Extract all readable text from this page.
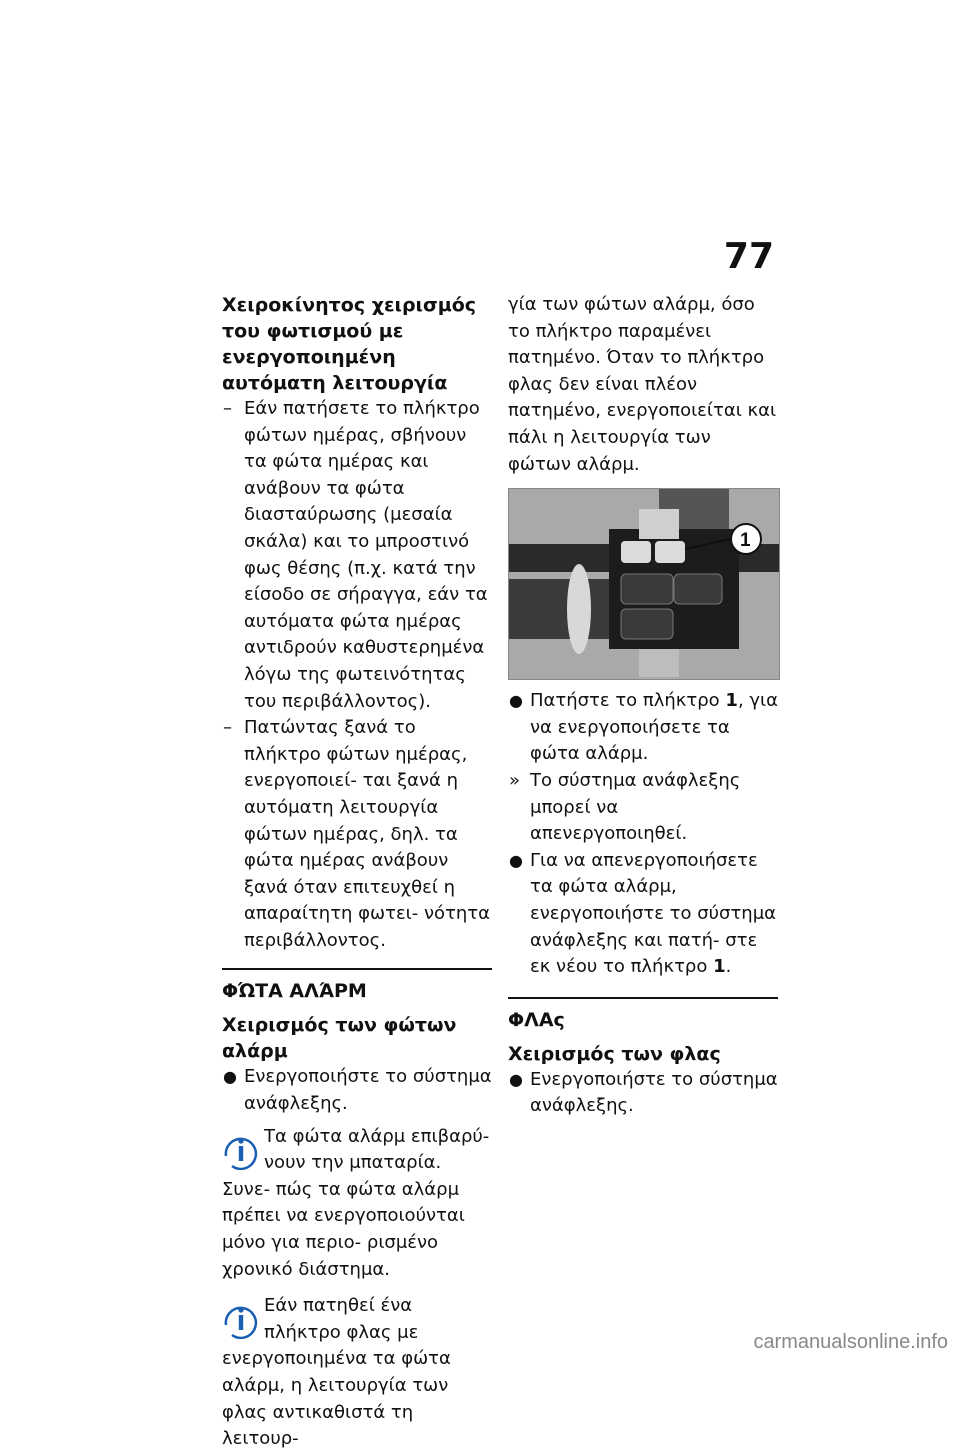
77

Χειροκίνητος χειρισμός του φωτισμού με ενεργοποιημένη αυτόματη λειτουργία

– Εάν πατήσετε το πλήκτρο φώτων ημέρας, σβήνουν τα φώτα ημέρας και ανάβουν τα φώτα διασταύρωσης (μεσαία σκάλα) και το μπροστινό φως θέσης (π.χ. κατά την είσοδο σε σήραγγα, εάν τα αυτόματα φώτα ημέρας αντιδρούν καθυστερημένα λόγω της φωτεινότητας του περιβάλλοντος).

– Πατώντας ξανά το πλήκτρο φώτων ημέρας, ενεργοποιεί- ται ξανά η αυτόματη λειτουργία φώτων ημέρας, δηλ. τα φώτα ημέρας ανάβουν ξανά όταν επιτευχθεί η απαραίτητη φωτει- νότητα περιβάλλοντος.

ΦΏΤΑ ΑΛΆΡΜ

Χειρισμός των φώτων αλάρμ

● Ενεργοποιήστε το σύστημα ανάφλεξης.

Τα φώτα αλάρμ επιβαρύ- νουν την μπαταρία. Συνε- πώς τα φώτα αλάρμ πρέπει να ενεργοποιούνται μόνο για περιο- ρισμένο χρονικό διάστημα.
Εάν πατηθεί ένα πλήκτρο φλας με ενεργοποιημένα τα φώτα αλάρμ, η λειτουργία των φλας αντικαθιστά τη λειτουρ-

γία των φώτων αλάρμ, όσο το πλήκτρο παραμένει πατημένο. Όταν το πλήκτρο φλας δεν είναι πλέον πατημένο, ενεργοποιείται και πάλι η λειτουργία των φώτων αλάρμ.

1

● Πατήστε το πλήκτρο 1, για να ενεργοποιήσετε τα φώτα αλάρμ.

» Το σύστημα ανάφλεξης μπορεί να απενεργοποιηθεί.

● Για να απενεργοποιήσετε τα φώτα αλάρμ, ενεργοποιήστε το σύστημα ανάφλεξης και πατή- στε εκ νέου το πλήκτρο 1.

ΦΛΑς

Χειρισμός των φλας

● Ενεργοποιήστε το σύστημα ανάφλεξης.

carmanualsonline.info
